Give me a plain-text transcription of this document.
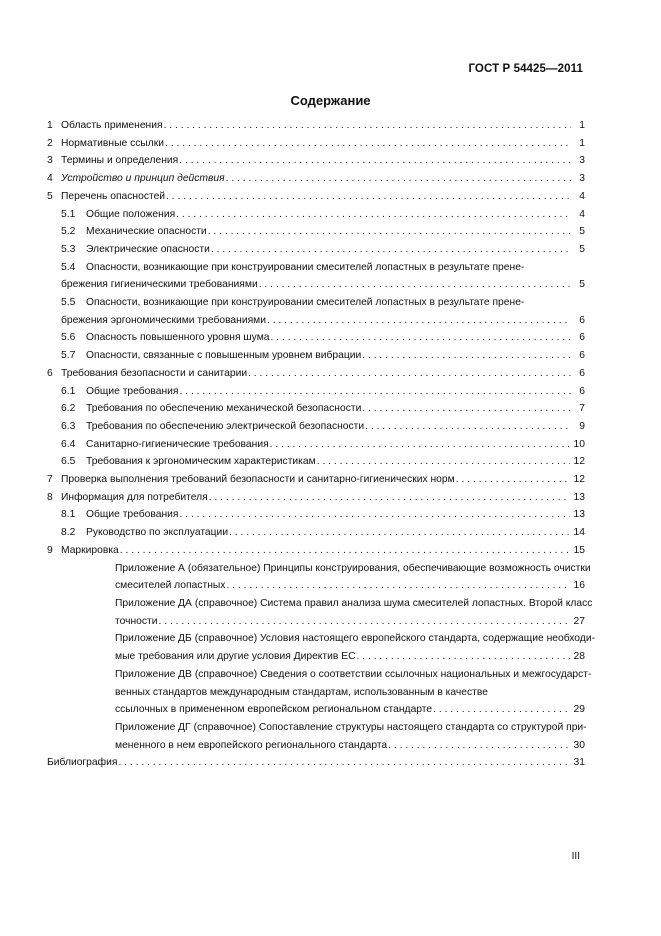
ГОСТ Р 54425—2011
Содержание
1 Область применения . . .	1
2 Нормативные ссылки . . .	1
3 Термины и определения . . .	3
4 Устройство и принцип действия . . .	3
5 Перечень опасностей . . .	4
5.1	Общие положения . . .	4
5.2	Механические опасности . . .	5
5.3	Электрические опасности . . .	5
5.4 Опасности, возникающие при конструировании смесителей лопастных в результате пренe-
брежения гигиеническими требованиями . . .	5
5.5 Опасности, возникающие при конструировании смесителей лопастных в результате пренe-
брежения эргономическими требованиями . . .	6
5.6	Опасность повышенного уровня шума . . .	6
5.7	Опасности, связанные с повышенным уровнем вибрации . . .	6
6 Требования безопасности и санитарии . . .	6
6.1	Общие требования . . .	6
6.2	Требования по обеспечению механической безопасности . . .	7
6.3	Требования по обеспечению электрической безопасности . . .	9
6.4	Санитарно-гигиенические требования . . .	10
6.5	Требования к эргономическим характеристикам . . .	12
7 Проверка выполнения требований безопасности и санитарно-гигиенических норм . . .	12
8 Информация для потребителя . . .	13
8.1	Общие требования . . .	13
8.2	Руководство по эксплуатации . . .	14
9 Маркировка . . .	15
Приложение А (обязательное) Принципы конструирования, обеспечивающие возможность очистки
смесителей лопастных . . .	16
Приложение ДА (справочное) Система правил анализа шума смесителей лопастных. Второй класс
точности . . .	27
Приложение ДБ (справочное) Условия настоящего европейского стандарта, содержащие необходи-
мые требования или другие условия Директив ЕС . . .	28
Приложение ДВ (справочное) Сведения о соответствии ссылочных национальных и межгосударст-
венных стандартов международным стандартам, использованным в качестве
ссылочных в примененном европейском региональном стандарте . . .	29
Приложение ДГ (справочное) Сопоставление структуры настоящего стандарта со структурой при-
мененного в нем европейского регионального стандарта . . .	30
Библиография . . .	31
III
